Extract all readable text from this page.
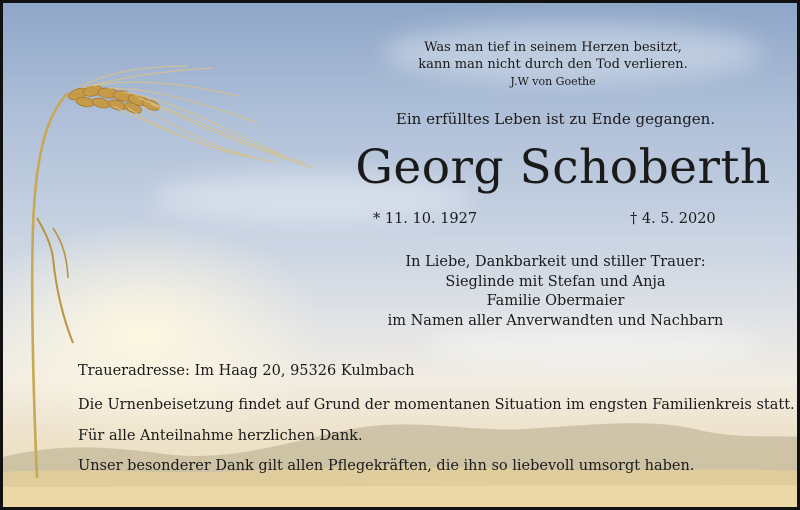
Was man tief in seinem Herzen besitzt,
kann man nicht durch den Tod verlieren.
J.W von Goethe
Ein erfülltes Leben ist zu Ende gegangen.
Georg Schoberth
* 11. 10. 1927	† 4. 5. 2020
In Liebe, Dankbarkeit und stiller Trauer:
Sieglinde mit Stefan und Anja
Familie Obermaier
im Namen aller Anverwandten und Nachbarn
Traueradresse: Im Haag 20, 95326 Kulmbach
Die Urnenbeisetzung findet auf Grund der momentanen Situation im engsten Familienkreis statt.
Für alle Anteilnahme herzlichen Dank.
Unser besonderer Dank gilt allen Pflegekräften, die ihn so liebevoll umsorgt haben.
